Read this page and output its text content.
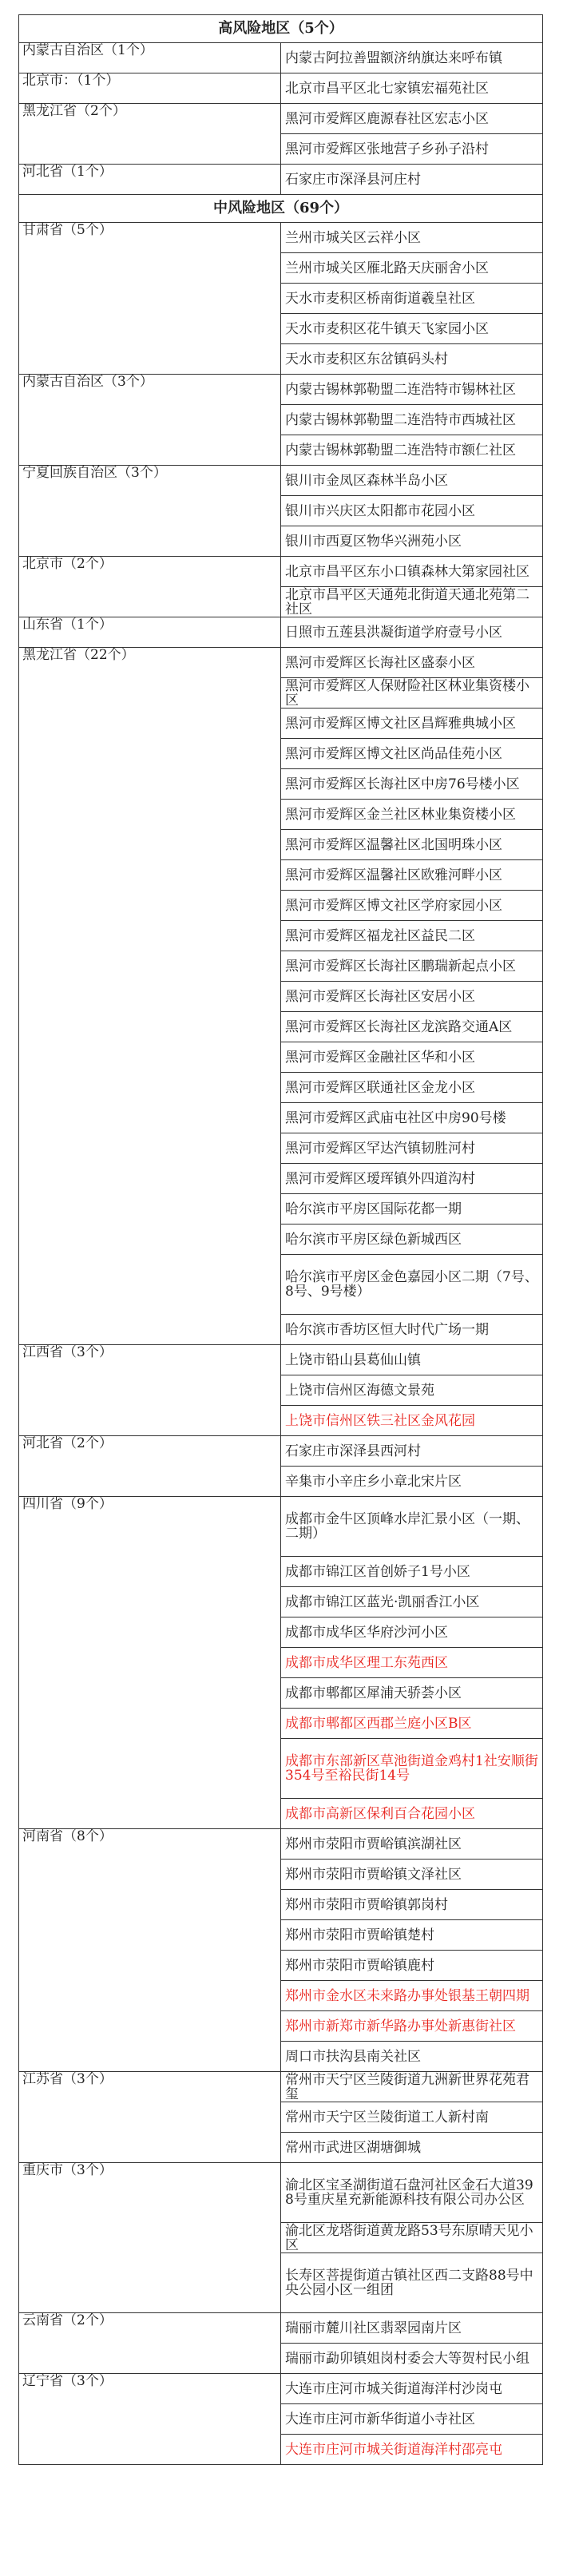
高风险地区（5个）	
内蒙古自治区（1个）	内蒙古阿拉善盟额济纳旗达来呼布镇
北京市：（1个）	北京市昌平区北七家镇宏福苑社区
黑龙江省（2个）	黑河市爱辉区鹿源春社区宏志小区
	黑河市爱辉区张地营子乡孙子沿村
河北省（1个）	石家庄市深泽县河庄村
中风险地区（69个）	
甘肃省（5个）	兰州市城关区云祥小区
	兰州市城关区雁北路天庆丽舍小区
	天水市麦积区桥南街道羲皇社区
	天水市麦积区花牛镇天飞家园小区
	天水市麦积区东岔镇码头村
内蒙古自治区（3个）	内蒙古锡林郭勒盟二连浩特市锡林社区
	内蒙古锡林郭勒盟二连浩特市西城社区
	内蒙古锡林郭勒盟二连浩特市额仁社区
宁夏回族自治区（3个）	银川市金凤区森林半岛小区
	银川市兴庆区太阳都市花园小区
	银川市西夏区物华兴洲苑小区
北京市（2个）	北京市昌平区东小口镇森林大第家园社区
	北京市昌平区天通苑北街道天通北苑第二社区
山东省（1个）	日照市五莲县洪凝街道学府壹号小区
黑龙江省（22个）	黑河市爱辉区长海社区盛泰小区
	黑河市爱辉区人保财险社区林业集资楼小区
	黑河市爱辉区博文社区昌辉雅典城小区
	黑河市爱辉区博文社区尚品佳苑小区
	黑河市爱辉区长海社区中房76号楼小区
	黑河市爱辉区金兰社区林业集资楼小区
	黑河市爱辉区温馨社区北国明珠小区
	黑河市爱辉区温馨社区欧雅河畔小区
	黑河市爱辉区博文社区学府家园小区
	黑河市爱辉区福龙社区益民二区
	黑河市爱辉区长海社区鹏瑞新起点小区
	黑河市爱辉区长海社区安居小区
	黑河市爱辉区长海社区龙滨路交通A区
	黑河市爱辉区金融社区华和小区
	黑河市爱辉区联通社区金龙小区
	黑河市爱辉区武庙屯社区中房90号楼
	黑河市爱辉区罕达汽镇韧胜河村
	黑河市爱辉区瑷珲镇外四道沟村
	哈尔滨市平房区国际花都一期
	哈尔滨市平房区绿色新城西区
	哈尔滨市平房区金色嘉园小区二期（7号、8号、9号楼）
	哈尔滨市香坊区恒大时代广场一期
江西省（3个）	上饶市铅山县葛仙山镇
	上饶市信州区海德文景苑
	上饶市信州区铁三社区金风花园
河北省（2个）	石家庄市深泽县西河村
	辛集市小辛庄乡小章北宋片区
四川省（9个）	成都市金牛区顶峰水岸汇景小区（一期、二期）
	成都市锦江区首创娇子1号小区
	成都市锦江区蓝光·凯丽香江小区
	成都市成华区华府沙河小区
	成都市成华区理工东苑西区
	成都市郫都区犀浦天骄荟小区
	成都市郫都区西郡兰庭小区B区
	成都市东部新区草池街道金鸡村1社安顺街354号至裕民街14号
	成都市高新区保利百合花园小区
河南省（8个）	郑州市荥阳市贾峪镇滨湖社区
	郑州市荥阳市贾峪镇文泽社区
	郑州市荥阳市贾峪镇郭岗村
	郑州市荥阳市贾峪镇楚村
	郑州市荥阳市贾峪镇鹿村
	郑州市金水区未来路办事处银基王朝四期
	郑州市新郑市新华路办事处新惠街社区
	周口市扶沟县南关社区
江苏省（3个）	常州市天宁区兰陵街道九洲新世界花苑君玺
	常州市天宁区兰陵街道工人新村南
	常州市武进区湖塘御城
重庆市（3个）	渝北区宝圣湖街道石盘河社区金石大道398号重庆星充新能源科技有限公司办公区
	渝北区龙塔街道黄龙路53号东原晴天见小区
	长寿区菩提街道古镇社区西二支路88号中央公园小区一组团
云南省（2个）	瑞丽市麓川社区翡翠园南片区
	瑞丽市勐卯镇姐岗村委会大等贺村民小组
辽宁省（3个）	大连市庄河市城关街道海洋村沙岗屯
	大连市庄河市新华街道小寺社区
	大连市庄河市城关街道海洋村邵亮屯
